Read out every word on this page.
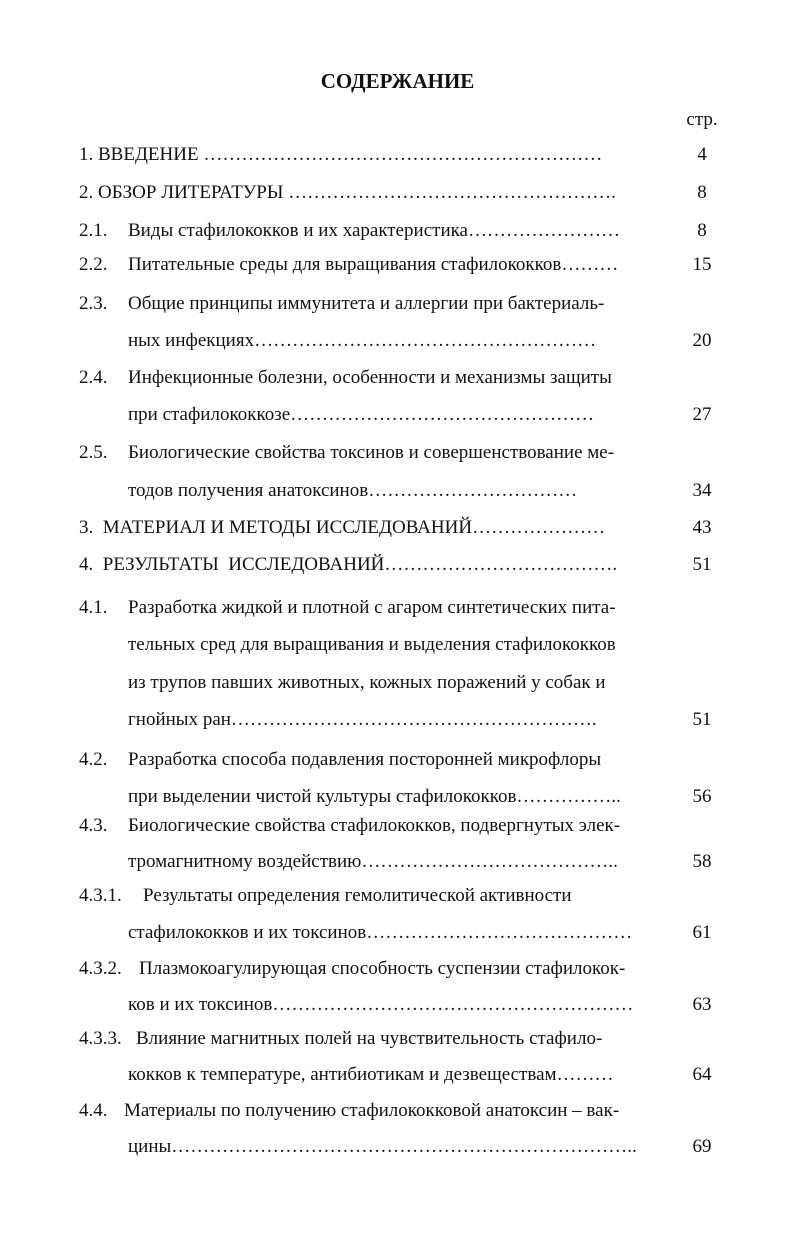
СОДЕРЖАНИЕ
стр.
1. ВВЕДЕНИЕ ………………………………………………………	4
2. ОБЗОР ЛИТЕРАТУРЫ …………………………………………….	8
2.1. Виды стафилококков и их характеристика……………………	8
2.2. Питательные среды для выращивания стафилококков………	15
2.3. Общие принципы иммунитета и аллергии при бактериаль-
ных инфекциях………………………………………………	20
2.4. Инфекционные болезни, особенности и механизмы защиты
при стафилококкозе…………………………………………	27
2.5. Биологические свойства токсинов и совершенствование ме-
тодов получения анатоксинов……………………………	34
3.  МАТЕРИАЛ И МЕТОДЫ ИССЛЕДОВАНИЙ…………………	43
4.  РЕЗУЛЬТАТЫ  ИССЛЕДОВАНИЙ……………………………….	51
4.1. Разработка жидкой и плотной с агаром синтетических пита-
тельных сред для выращивания и выделения стафилококков
из трупов павших животных, кожных поражений у собак и
гнойных ран………………………………………………….	51
4.2. Разработка способа подавления посторонней микрофлоры
при выделении чистой культуры стафилококков……………..	56
4.3. Биологические свойства стафилококков, подвергнутых элек-
тромагнитному воздействию…………………………………..	58
4.3.1. Результаты определения гемолитической активности
стафилококков и их токсинов……………………………………	61
4.3.2. Плазмокоагулирующая способность суспензии стафилокок-
ков и их токсинов…………………………………………………	63
4.3.3. Влияние магнитных полей на чувствительность стафило-
кокков к температуре, антибиотикам и дезвеществам………	64
4.4. Материалы по получению стафилококковой анатоксин – вак-
цины………………………………………………………………..	69
